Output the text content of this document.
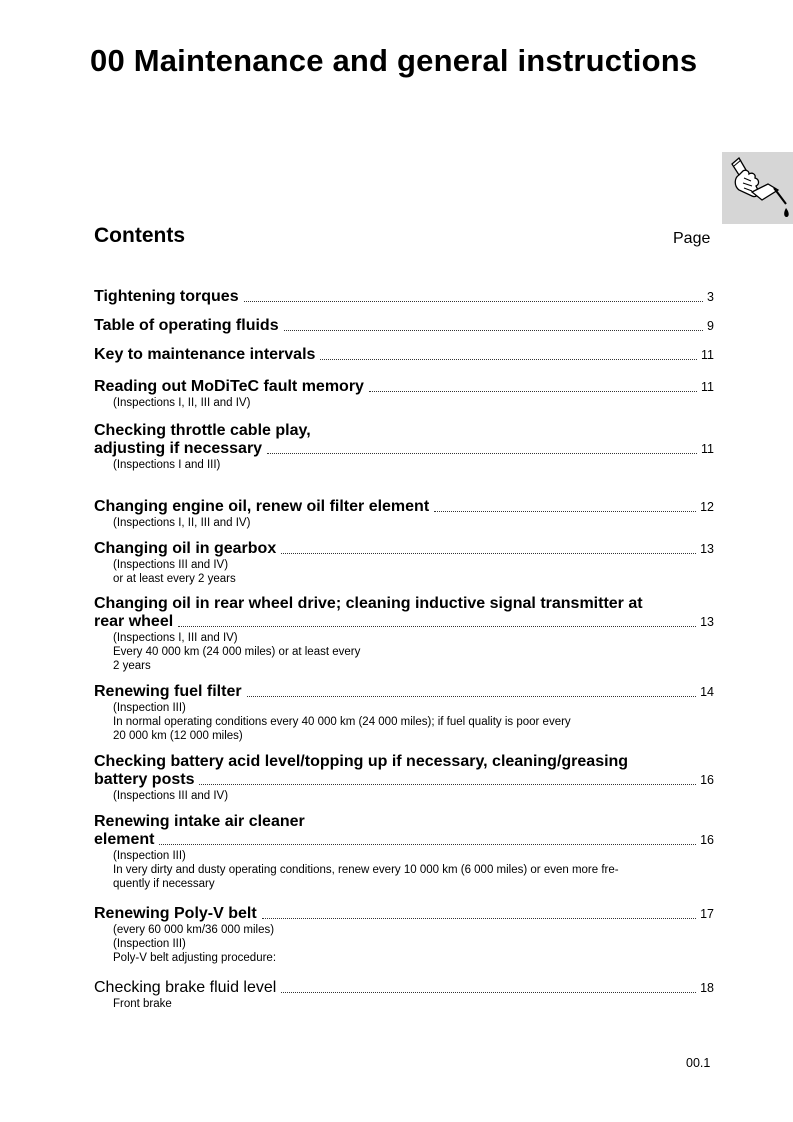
00 Maintenance and general instructions
Contents	Page
Tightening torques	3
Table of operating fluids	9
Key to maintenance intervals	11
Reading out MoDiTeC fault memory	11
(Inspections I, II, III and IV)
Checking throttle cable play,
adjusting if necessary	11
(Inspections I and III)
Changing engine oil, renew oil filter element	12
(Inspections I, II, III and IV)
Changing oil in gearbox	13
(Inspections III and IV)
or at least every 2 years
Changing oil in rear wheel drive; cleaning inductive signal transmitter at
rear wheel	13
(Inspections I, III and IV)
Every 40 000 km (24 000 miles) or at least every
2 years
Renewing fuel filter	14
(Inspection III)
In normal operating conditions every 40 000 km (24 000 miles); if fuel quality is poor every
20 000 km (12 000 miles)
Checking battery acid level/topping up if necessary, cleaning/greasing
battery posts	16
(Inspections III and IV)
Renewing intake air cleaner
element	16
(Inspection III)
In very dirty and dusty operating conditions, renew every 10 000 km (6 000 miles) or even more fre-
quently if necessary
Renewing Poly-V belt	17
(every 60 000 km/36 000 miles)
(Inspection III)
Poly-V belt adjusting procedure:
Checking brake fluid level	18
Front brake
00.1
